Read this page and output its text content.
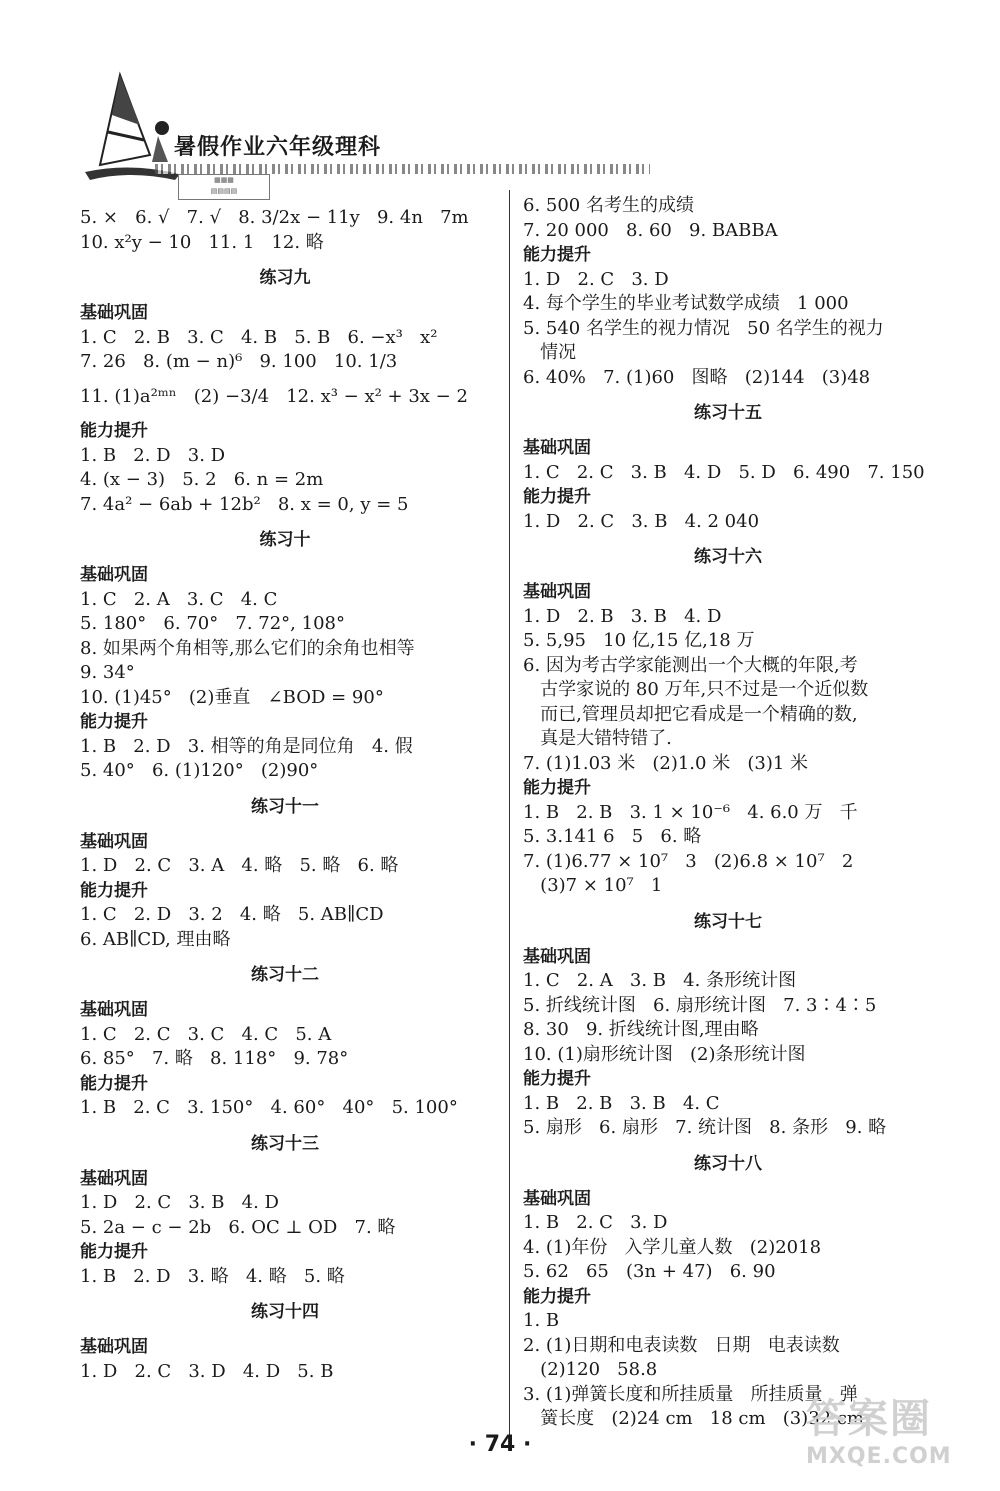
暑假作业六年级理科
▦▦▦
▤▤▤▤
5. ×   6. √   7. √   8. 3/2x − 11y   9. 4n   7m
10. x²y − 10   11. 1   12. 略
练习九
基础巩固
1. C   2. B   3. C   4. B   5. B   6. −x³   x²
7. 26   8. (m − n)⁶   9. 100   10. 1/3
11. (1)a²ᵐⁿ   (2) −3/4   12. x³ − x² + 3x − 2
能力提升
1. B   2. D   3. D
4. (x − 3)   5. 2   6. n = 2m
7. 4a² − 6ab + 12b²   8. x = 0, y = 5
练习十
基础巩固
1. C   2. A   3. C   4. C
5. 180°   6. 70°   7. 72°, 108°
8. 如果两个角相等,那么它们的余角也相等
9. 34°
10. (1)45°   (2)垂直   ∠BOD = 90°
能力提升
1. B   2. D   3. 相等的角是同位角   4. 假
5. 40°   6. (1)120°   (2)90°
练习十一
基础巩固
1. D   2. C   3. A   4. 略   5. 略   6. 略
能力提升
1. C   2. D   3. 2   4. 略   5. AB∥CD
6. AB∥CD, 理由略
练习十二
基础巩固
1. C   2. C   3. C   4. C   5. A
6. 85°   7. 略   8. 118°   9. 78°
能力提升
1. B   2. C   3. 150°   4. 60°   40°   5. 100°
练习十三
基础巩固
1. D   2. C   3. B   4. D
5. 2a − c − 2b   6. OC ⊥ OD   7. 略
能力提升
1. B   2. D   3. 略   4. 略   5. 略
练习十四
基础巩固
1. D   2. C   3. D   4. D   5. B
6. 500 名考生的成绩
7. 20 000   8. 60   9. BABBA
能力提升
1. D   2. C   3. D
4. 每个学生的毕业考试数学成绩   1 000
5. 540 名学生的视力情况   50 名学生的视力
情况
6. 40%   7. (1)60   图略   (2)144   (3)48
练习十五
基础巩固
1. C   2. C   3. B   4. D   5. D   6. 490   7. 150
能力提升
1. D   2. C   3. B   4. 2 040
练习十六
基础巩固
1. D   2. B   3. B   4. D
5. 5,95   10 亿,15 亿,18 万
6. 因为考古学家能测出一个大概的年限,考
古学家说的 80 万年,只不过是一个近似数
而已,管理员却把它看成是一个精确的数,
真是大错特错了.
7. (1)1.03 米   (2)1.0 米   (3)1 米
能力提升
1. B   2. B   3. 1 × 10⁻⁶   4. 6.0 万   千
5. 3.141 6   5   6. 略
7. (1)6.77 × 10⁷   3   (2)6.8 × 10⁷   2
(3)7 × 10⁷   1
练习十七
基础巩固
1. C   2. A   3. B   4. 条形统计图
5. 折线统计图   6. 扇形统计图   7. 3∶4∶5
8. 30   9. 折线统计图,理由略
10. (1)扇形统计图   (2)条形统计图
能力提升
1. B   2. B   3. B   4. C
5. 扇形   6. 扇形   7. 统计图   8. 条形   9. 略
练习十八
基础巩固
1. B   2. C   3. D
4. (1)年份   入学儿童人数   (2)2018
5. 62   65   (3n + 47)   6. 90
能力提升
1. B
2. (1)日期和电表读数   日期   电表读数
(2)120   58.8
3. (1)弹簧长度和所挂质量   所挂质量   弹
簧长度   (2)24 cm   18 cm   (3)32 cm
· 74 ·
答案圈
MXQE.COM
